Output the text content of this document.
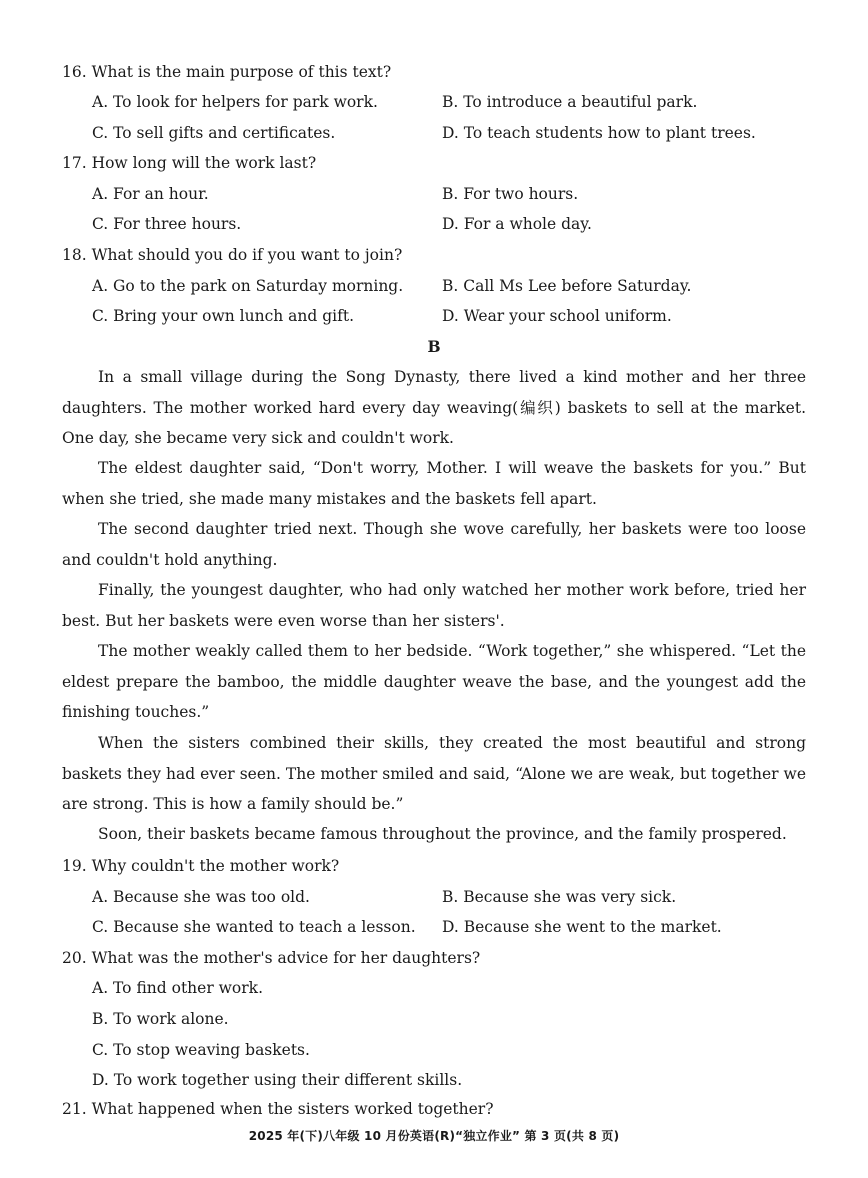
16. What is the main purpose of this text?
A. To look for helpers for park work.	B. To introduce a beautiful park.
C. To sell gifts and certificates.	D. To teach students how to plant trees.
17. How long will the work last?
A. For an hour.	B. For two hours.
C. For three hours.	D. For a whole day.
18. What should you do if you want to join?
A. Go to the park on Saturday morning.	B. Call Ms Lee before Saturday.
C. Bring your own lunch and gift.	D. Wear your school uniform.
B
In a small village during the Song Dynasty, there lived a kind mother and her three daughters. The mother worked hard every day weaving(编织) baskets to sell at the market. One day, she became very sick and couldn't work.
The eldest daughter said, “Don't worry, Mother. I will weave the baskets for you.” But when she tried, she made many mistakes and the baskets fell apart.
The second daughter tried next. Though she wove carefully, her baskets were too loose and couldn't hold anything.
Finally, the youngest daughter, who had only watched her mother work before, tried her best. But her baskets were even worse than her sisters'.
The mother weakly called them to her bedside. “Work together,” she whispered. “Let the eldest prepare the bamboo, the middle daughter weave the base, and the youngest add the finishing touches.”
When the sisters combined their skills, they created the most beautiful and strong baskets they had ever seen. The mother smiled and said, “Alone we are weak, but together we are strong. This is how a family should be.”
Soon, their baskets became famous throughout the province, and the family prospered.
19. Why couldn't the mother work?
A. Because she was too old.	B. Because she was very sick.
C. Because she wanted to teach a lesson. D. Because she went to the market.
20. What was the mother's advice for her daughters?
A. To find other work.
B. To work alone.
C. To stop weaving baskets.
D. To work together using their different skills.
21. What happened when the sisters worked together?
2025 年(下)八年级 10 月份英语(R)“独立作业” 第 3 页(共 8 页)
